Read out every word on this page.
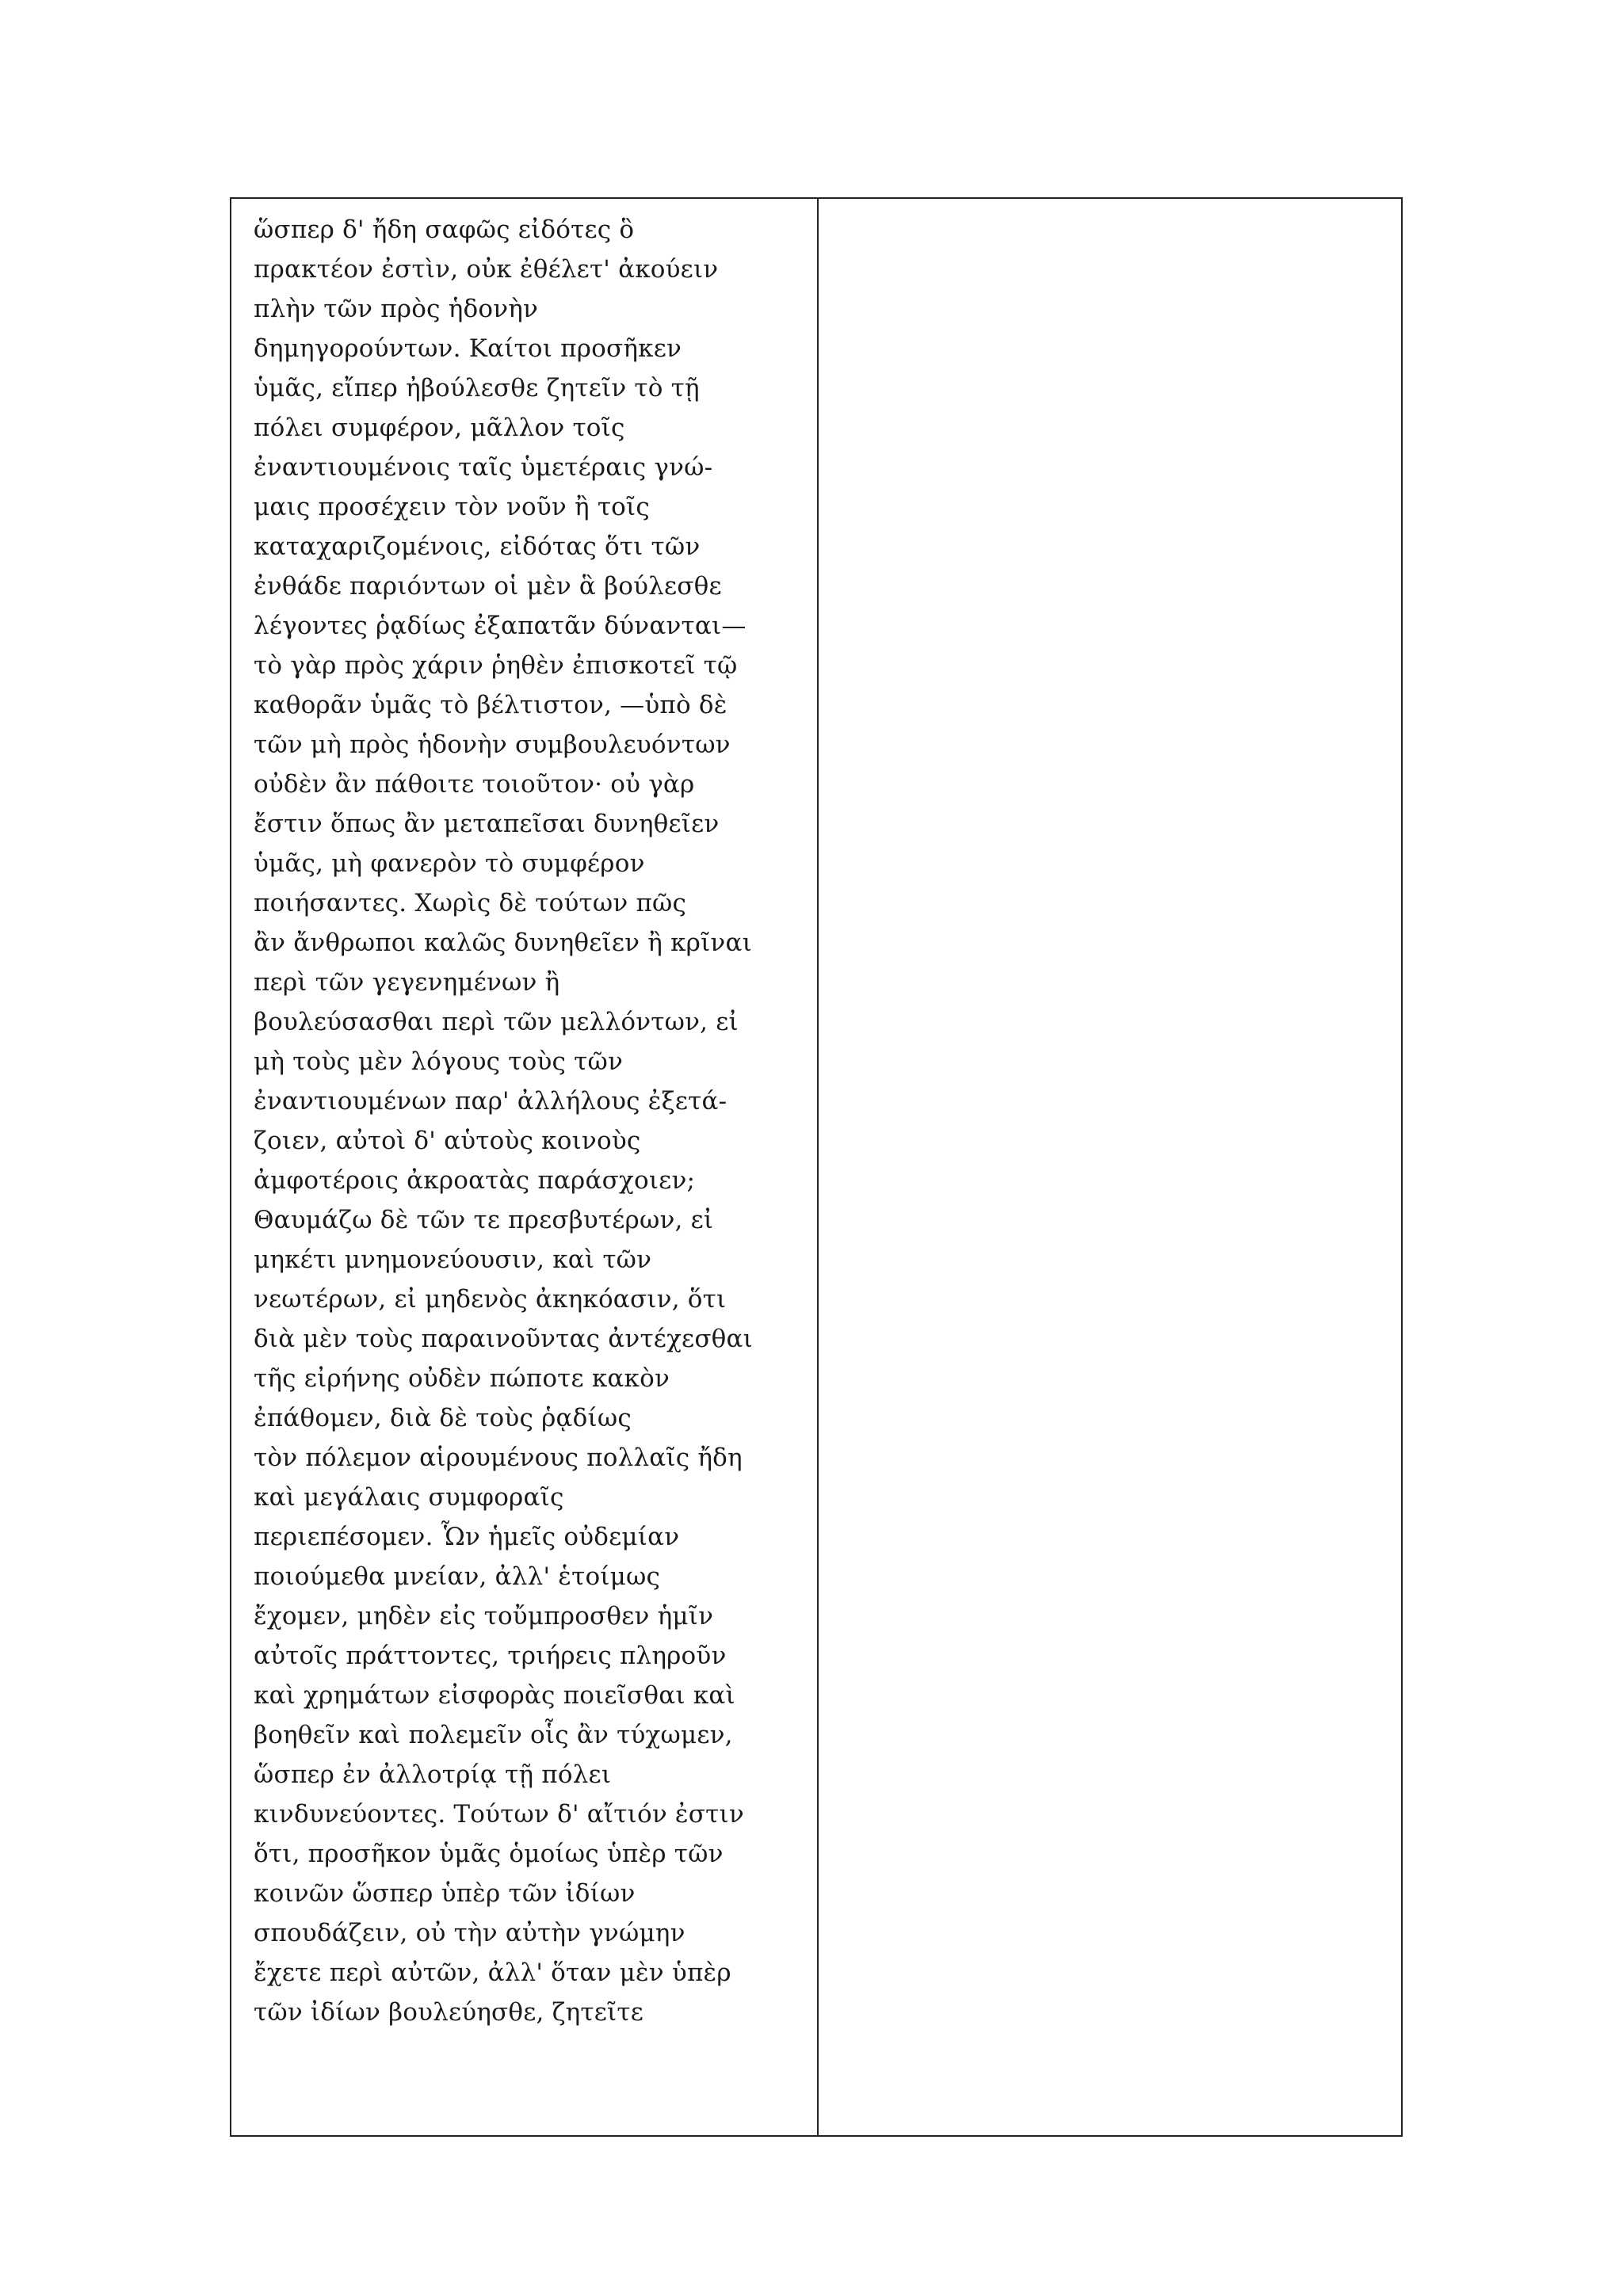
ὥσπερ δ' ἤδη σαφῶς εἰδότες ὃ
πρακτέον ἐστὶν, οὐκ ἐθέλετ' ἀκούειν
πλὴν τῶν πρὸς ἡδονὴν
δημηγορούντων. Καίτοι προσῆκεν
ὑμᾶς, εἴπερ ἠβούλεσθε ζητεῖν τὸ τῇ
πόλει συμφέρον, μᾶλλον τοῖς
ἐναντιουμένοις ταῖς ὑμετέραις γνώ-
μαις προσέχειν τὸν νοῦν ἢ τοῖς
καταχαριζομένοις, εἰδότας ὅτι τῶν
ἐνθάδε παριόντων οἱ μὲν ἃ βούλεσθε
λέγοντες ῥᾳδίως ἐξαπατᾶν δύνανται—
τὸ γὰρ πρὸς χάριν ῥηθὲν ἐπισκοτεῖ τῷ
καθορᾶν ὑμᾶς τὸ βέλτιστον, —ὑπὸ δὲ
τῶν μὴ πρὸς ἡδονὴν συμβουλευόντων
οὐδὲν ἂν πάθοιτε τοιοῦτον· οὐ γὰρ
ἔστιν ὅπως ἂν μεταπεῖσαι δυνηθεῖεν
ὑμᾶς, μὴ φανερὸν τὸ συμφέρον
ποιήσαντες. Χωρὶς δὲ τούτων πῶς
ἂν ἄνθρωποι καλῶς δυνηθεῖεν ἢ κρῖναι
περὶ τῶν γεγενημένων ἢ
βουλεύσασθαι περὶ τῶν μελλόντων, εἰ
μὴ τοὺς μὲν λόγους τοὺς τῶν
ἐναντιουμένων παρ' ἀλλήλους ἐξετά-
ζοιεν, αὐτοὶ δ' αὑτοὺς κοινοὺς
ἀμφοτέροις ἀκροατὰς παράσχοιεν;
Θαυμάζω δὲ τῶν τε πρεσβυτέρων, εἰ
μηκέτι μνημονεύουσιν, καὶ τῶν
νεωτέρων, εἰ μηδενὸς ἀκηκόασιν, ὅτι
διὰ μὲν τοὺς παραινοῦντας ἀντέχεσθαι
τῆς εἰρήνης οὐδὲν πώποτε κακὸν
ἐπάθομεν, διὰ δὲ τοὺς ῥᾳδίως
τὸν πόλεμον αἱρουμένους πολλαῖς ἤδη
καὶ μεγάλαις συμφοραῖς
περιεπέσομεν. Ὧν ἡμεῖς οὐδεμίαν
ποιούμεθα μνείαν, ἀλλ' ἑτοίμως
ἔχομεν, μηδὲν εἰς τοὔμπροσθεν ἡμῖν
αὐτοῖς πράττοντες, τριήρεις πληροῦν
καὶ χρημάτων εἰσφορὰς ποιεῖσθαι καὶ
βοηθεῖν καὶ πολεμεῖν οἷς ἂν τύχωμεν,
ὥσπερ ἐν ἀλλοτρίᾳ τῇ πόλει
κινδυνεύοντες. Τούτων δ' αἴτιόν ἐστιν
ὅτι, προσῆκον ὑμᾶς ὁμοίως ὑπὲρ τῶν
κοινῶν ὥσπερ ὑπὲρ τῶν ἰδίων
σπουδάζειν, οὐ τὴν αὐτὴν γνώμην
ἔχετε περὶ αὐτῶν, ἀλλ' ὅταν μὲν ὑπὲρ
τῶν ἰδίων βουλεύησθε, ζητεῖτε
